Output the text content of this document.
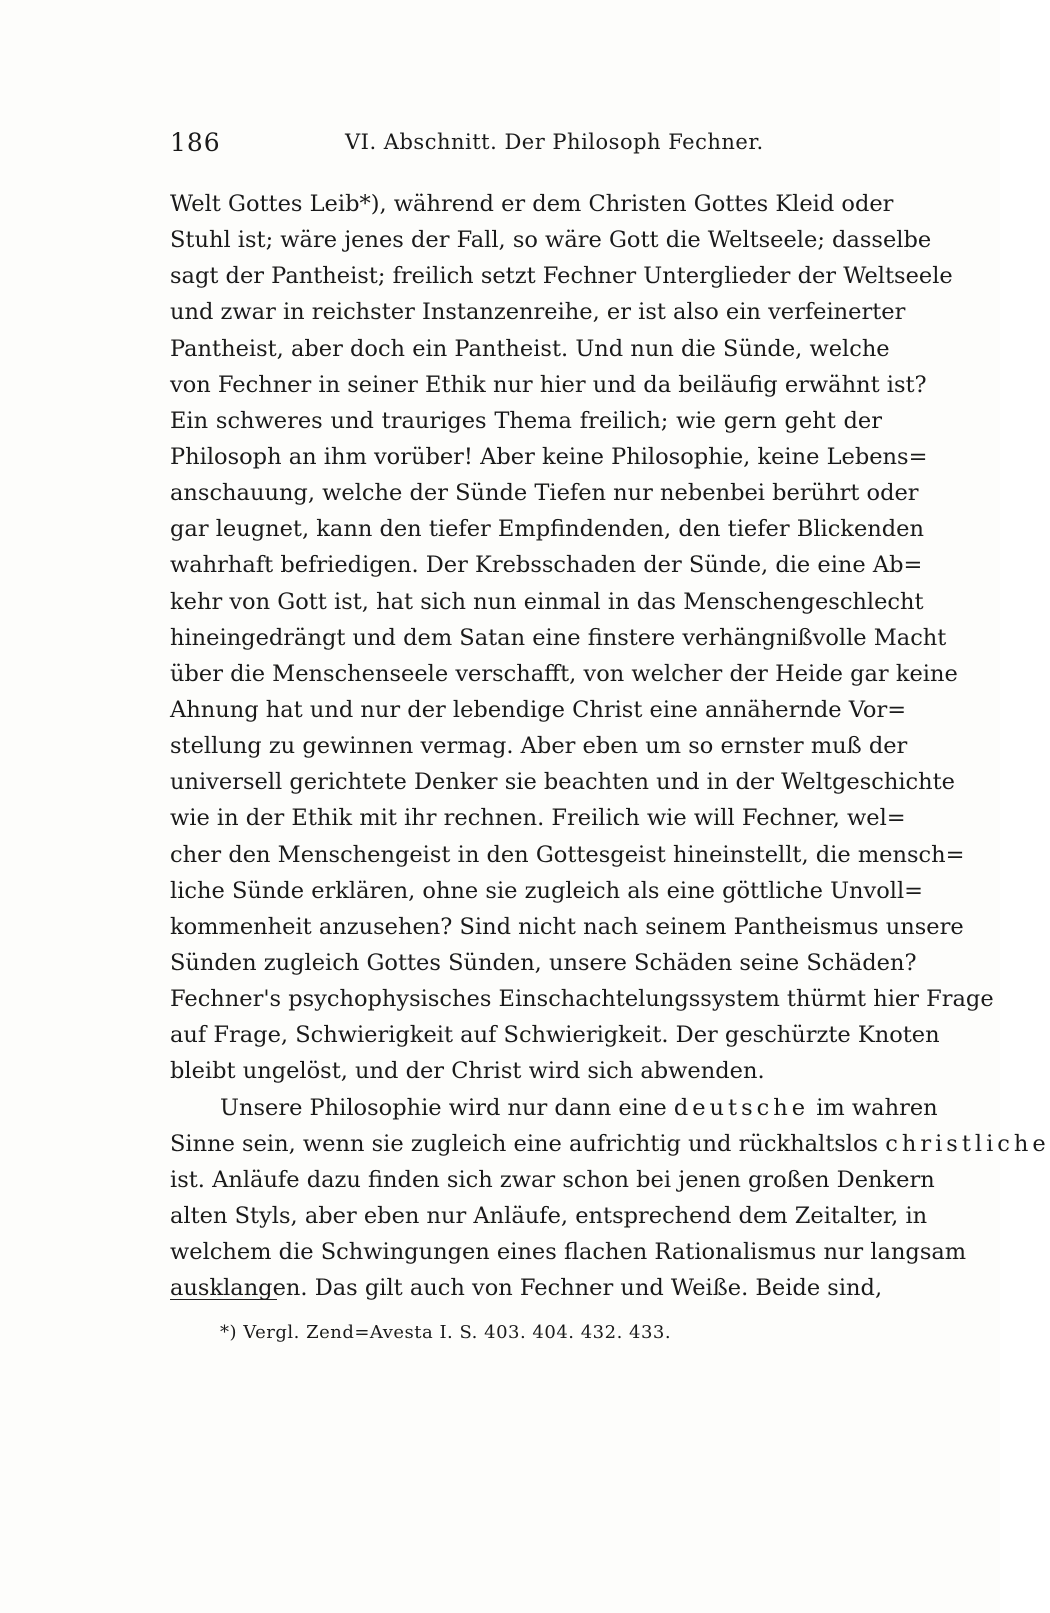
186	VI. Abschnitt. Der Philosoph Fechner.
Welt Gottes Leib*), während er dem Christen Gottes Kleid oder
Stuhl ist; wäre jenes der Fall, so wäre Gott die Weltseele; dasselbe
sagt der Pantheist; freilich setzt Fechner Unterglieder der Weltseele
und zwar in reichster Instanzenreihe, er ist also ein verfeinerter
Pantheist, aber doch ein Pantheist. Und nun die Sünde, welche
von Fechner in seiner Ethik nur hier und da beiläufig erwähnt ist?
Ein schweres und trauriges Thema freilich; wie gern geht der
Philosoph an ihm vorüber! Aber keine Philosophie, keine Lebens=
anschauung, welche der Sünde Tiefen nur nebenbei berührt oder
gar leugnet, kann den tiefer Empfindenden, den tiefer Blickenden
wahrhaft befriedigen. Der Krebsschaden der Sünde, die eine Ab=
kehr von Gott ist, hat sich nun einmal in das Menschengeschlecht
hineingedrängt und dem Satan eine finstere verhängnißvolle Macht
über die Menschenseele verschafft, von welcher der Heide gar keine
Ahnung hat und nur der lebendige Christ eine annähernde Vor=
stellung zu gewinnen vermag. Aber eben um so ernster muß der
universell gerichtete Denker sie beachten und in der Weltgeschichte
wie in der Ethik mit ihr rechnen. Freilich wie will Fechner, wel=
cher den Menschengeist in den Gottesgeist hineinstellt, die mensch=
liche Sünde erklären, ohne sie zugleich als eine göttliche Unvoll=
kommenheit anzusehen? Sind nicht nach seinem Pantheismus unsere
Sünden zugleich Gottes Sünden, unsere Schäden seine Schäden?
Fechner's psychophysisches Einschachtelungssystem thürmt hier Frage
auf Frage, Schwierigkeit auf Schwierigkeit. Der geschürzte Knoten
bleibt ungelöst, und der Christ wird sich abwenden.
Unsere Philosophie wird nur dann eine deutsche im wahren
Sinne sein, wenn sie zugleich eine aufrichtig und rückhaltslos christliche
ist. Anläufe dazu finden sich zwar schon bei jenen großen Denkern
alten Styls, aber eben nur Anläufe, entsprechend dem Zeitalter, in
welchem die Schwingungen eines flachen Rationalismus nur langsam
ausklangen. Das gilt auch von Fechner und Weiße. Beide sind,
*) Vergl. Zend=Avesta I. S. 403. 404. 432. 433.
